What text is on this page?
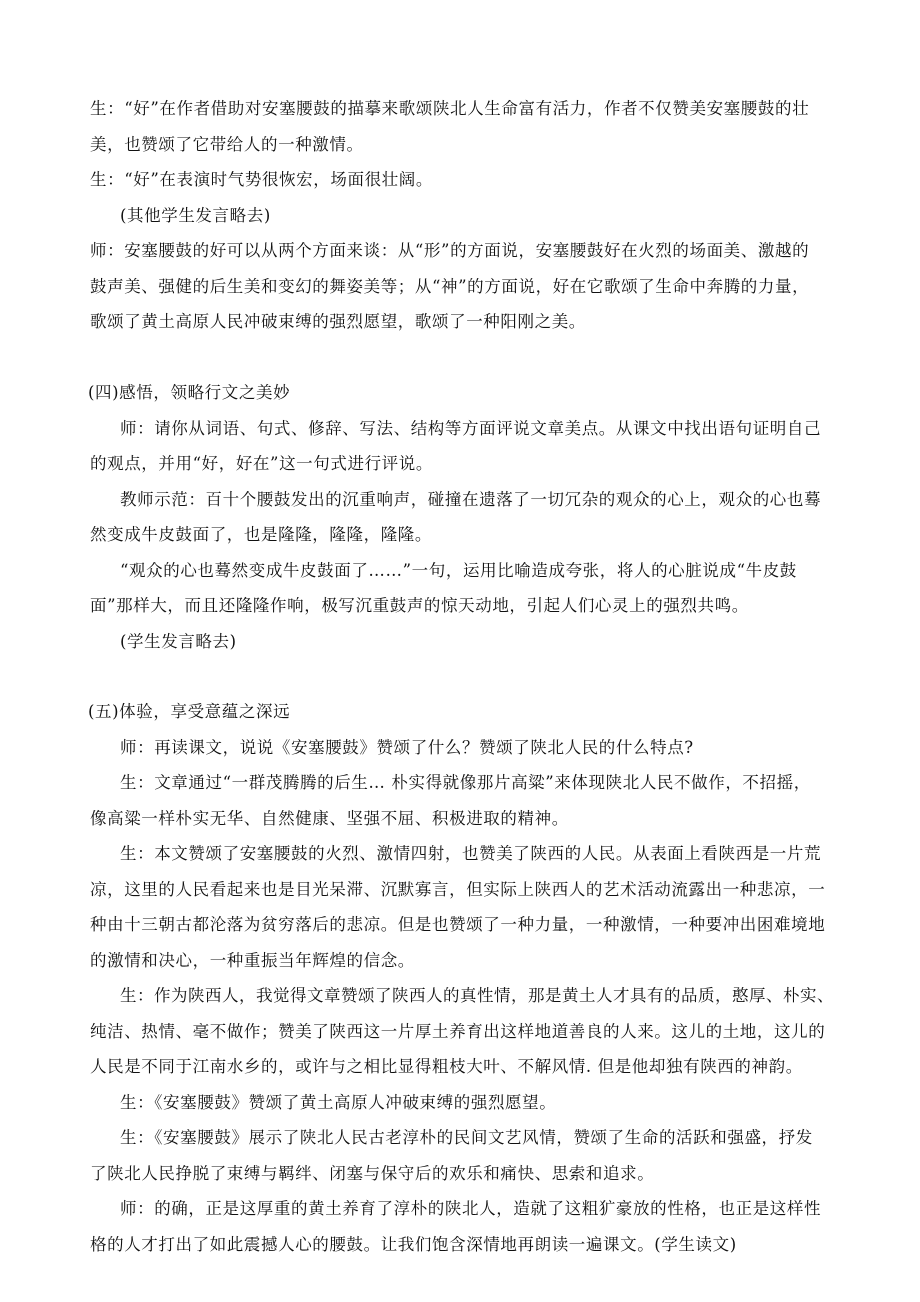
生：“好”在作者借助对安塞腰鼓的描摹来歌颂陕北人生命富有活力，作者不仅赞美安塞腰鼓的壮
美，也赞颂了它带给人的一种激情。
生：“好”在表演时气势很恢宏，场面很壮阔。
(其他学生发言略去)
师：安塞腰鼓的好可以从两个方面来谈：从“形”的方面说，安塞腰鼓好在火烈的场面美、激越的
鼓声美、强健的后生美和变幻的舞姿美等；从“神”的方面说，好在它歌颂了生命中奔腾的力量，
歌颂了黄土高原人民冲破束缚的强烈愿望，歌颂了一种阳刚之美。
(四)感悟，领略行文之美妙
师：请你从词语、句式、修辞、写法、结构等方面评说文章美点。从课文中找出语句证明自己
的观点，并用“好，好在”这一句式进行评说。
教师示范：百十个腰鼓发出的沉重响声，碰撞在遗落了一切冗杂的观众的心上，观众的心也蓦
然变成牛皮鼓面了，也是隆隆，隆隆，隆隆。
“观众的心也蓦然变成牛皮鼓面了……”一句，运用比喻造成夸张，将人的心脏说成“牛皮鼓
面”那样大，而且还隆隆作响，极写沉重鼓声的惊天动地，引起人们心灵上的强烈共鸣。
(学生发言略去)
(五)体验，享受意蕴之深远
师：再读课文，说说《安塞腰鼓》赞颂了什么？赞颂了陕北人民的什么特点?
生：文章通过“一群茂腾腾的后生… 朴实得就像那片高粱”来体现陕北人民不做作，不招摇，
像高粱一样朴实无华、自然健康、坚强不屈、积极进取的精神。
生：本文赞颂了安塞腰鼓的火烈、激情四射，也赞美了陕西的人民。从表面上看陕西是一片荒
凉，这里的人民看起来也是目光呆滞、沉默寡言，但实际上陕西人的艺术活动流露出一种悲凉，一
种由十三朝古都沦落为贫穷落后的悲凉。但是也赞颂了一种力量，一种激情，一种要冲出困难境地
的激情和决心，一种重振当年辉煌的信念。
生：作为陕西人，我觉得文章赞颂了陕西人的真性情，那是黄土人才具有的品质，憨厚、朴实、
纯洁、热情、毫不做作；赞美了陕西这一片厚土养育出这样地道善良的人来。这儿的土地，这儿的
人民是不同于江南水乡的，或许与之相比显得粗枝大叶、不解风情. 但是他却独有陕西的神韵。
生：《安塞腰鼓》赞颂了黄土高原人冲破束缚的强烈愿望。
生：《安塞腰鼓》展示了陕北人民古老淳朴的民间文艺风情，赞颂了生命的活跃和强盛，抒发
了陕北人民挣脱了束缚与羁绊、闭塞与保守后的欢乐和痛快、思索和追求。
师：的确，正是这厚重的黄土养育了淳朴的陕北人，造就了这粗犷豪放的性格，也正是这样性
格的人才打出了如此震撼人心的腰鼓。让我们饱含深情地再朗读一遍课文。(学生读文)
